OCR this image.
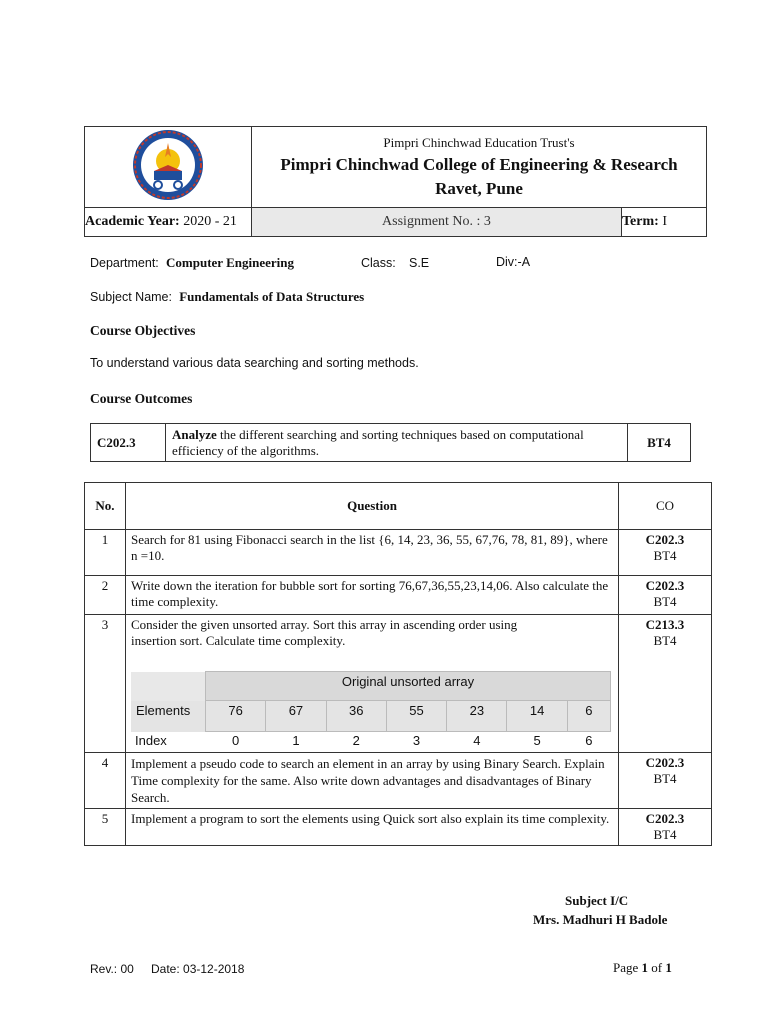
Pimpri Chinchwad Education Trust's
Pimpri Chinchwad College of Engineering & Research
Ravet, Pune	

Academic Year: 2020 - 21	Assignment No. : 3	Term: I
Department: Computer Engineering	Class: S.E	Div:-A
Subject Name: Fundamentals of Data Structures
Course Objectives
To understand various data searching and sorting methods.
Course Outcomes
C202.3	Analyze the different searching and sorting techniques based on computational efficiency of the algorithms.	BT4
No.	Question	CO
1	Search for 81 using Fibonacci search in the list {6, 14, 23, 36, 55, 67,76, 78, 81, 89}, where n =10.	
C202.3
BT4
2	Write down the iteration for bubble sort for sorting 76,67,36,55,23,14,06. Also calculate the time complexity.	
C202.3
BT4
3	Consider the given unsorted array. Sort this array in ascending order using insertion sort. Calculate time complexity.
	Original unsorted array
Elements	76	67	36	55	23	14	6
Index	0	1	2	3	4	5	6

C213.3
BT4
4	Implement a pseudo code to search an element in an array by using Binary Search. Explain Time complexity for the same. Also write down advantages and disadvantages of Binary Search.	
C202.3
BT4
5	Implement a program to sort the elements using Quick sort also explain its time complexity.	C202.3
BT4
Subject I/C
Mrs. Madhuri H Badole
Rev.: 00 Date: 03-12-2018	Page 1 of 1
